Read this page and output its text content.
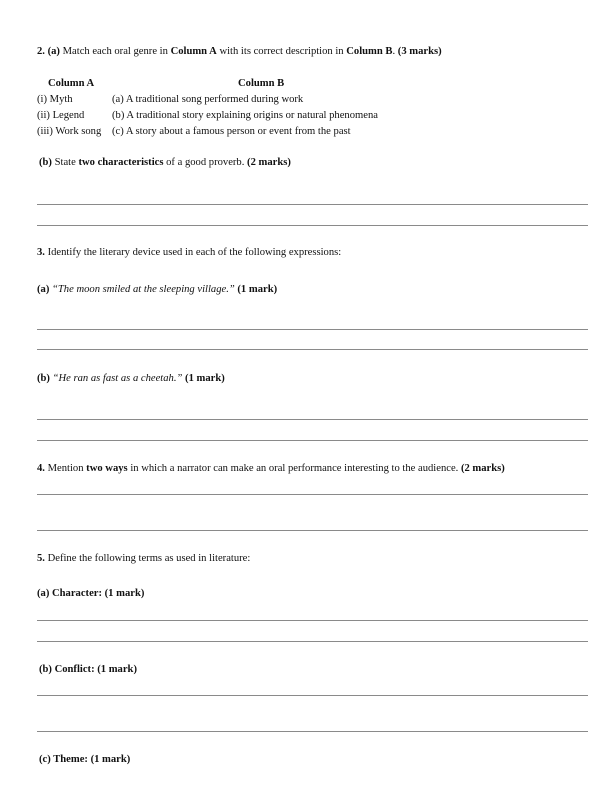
2. (a) Match each oral genre in Column A with its correct description in Column B. (3 marks)
Column A	Column B
(i) Myth	(a) A traditional song performed during work
(ii) Legend	(b) A traditional story explaining origins or natural phenomena
(iii) Work song (c) A story about a famous person or event from the past
(b) State two characteristics of a good proverb. (2 marks)
3. Identify the literary device used in each of the following expressions:
(a) “The moon smiled at the sleeping village.” (1 mark)
(b) “He ran as fast as a cheetah.” (1 mark)
4. Mention two ways in which a narrator can make an oral performance interesting to the audience. (2 marks)
5. Define the following terms as used in literature:
(a) Character: (1 mark)
(b) Conflict: (1 mark)
(c) Theme: (1 mark)
